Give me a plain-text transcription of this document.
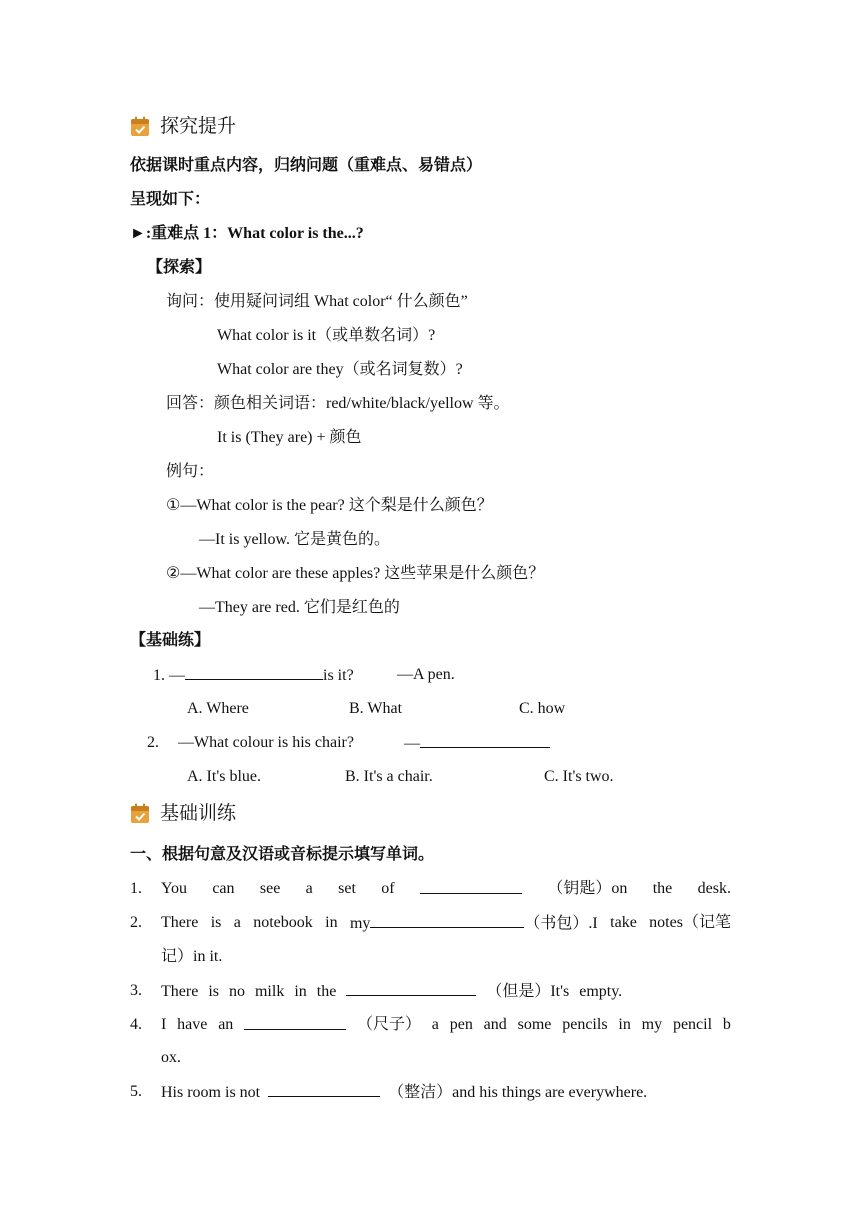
探究提升
依据课时重点内容，归纳问题（重难点、易错点）
呈现如下：
►:重难点 1：What color is the...?
【探索】
询问：使用疑问词组 What color“ 什么颜色”
What color is it（或单数名词）?
What color are they（或名词复数）?
回答：颜色相关词语：red/white/black/yellow 等。
It is (They are) + 颜色
例句：
①—What color is the pear? 这个梨是什么颜色？
—It is yellow. 它是黄色的。
②—What color are these apples? 这些苹果是什么颜色？
—They are red. 它们是红色的
【基础练】
1. —	is it?	—A pen.
A. Where	B. What	C. how
2. —What colour is his chair?	—
A. It's blue.	B. It's a chair.	C. It's two.
基础训练
一、根据句意及汉语或音标提示填写单词。
1. You can see a set of	（钥匙）on the desk.
2. There is a notebook in my	（书包）.I take notes（记笔
记）in it.
3. There is no milk in the	（但是）It's empty.
4. I have an	（尺子） a pen and some pencils in my pencil b
ox.
5. His room is not	（整洁）and his things are everywhere.
